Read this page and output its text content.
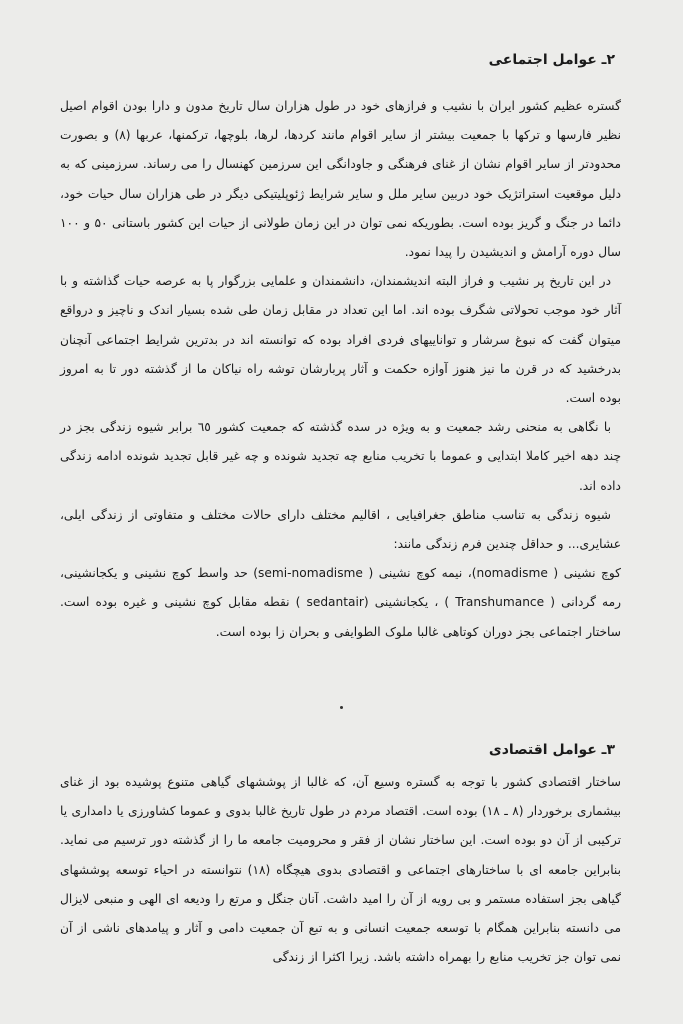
۲ـ عوامل اجتماعی

گستره عظیم کشور ایران با نشیب و فرازهای خود در طول هزاران سال تاریخ مدون و دارا بودن اقوام اصیل نظیر فارسها و ترکها با جمعیت بیشتر از سایر اقوام مانند کردها، لرها، بلوچها، ترکمنها، عربها (۸) و بصورت محدودتر از سایر اقوام نشان از غنای فرهنگی و جاودانگی این سرزمین کهنسال را می رساند. سرزمینی که به دلیل موقعیت استراتژیک خود دربین سایر ملل و سایر شرایط ژئوپلیتیکی دیگر در طی هزاران سال حیات خود، دائما در جنگ و گریز بوده است. بطوریکه نمی توان در این زمان طولانی از حیات این کشور باستانی ۵۰ و ۱۰۰ سال دوره آرامش و اندیشیدن را پیدا نمود.

در این تاریخ پر نشیب و فراز البته اندیشمندان، دانشمندان و علمایی بزرگوار پا به عرصه حیات گذاشته و با آثار خود موجب تحولاتی شگرف بوده اند. اما این تعداد در مقابل زمان طی شده بسیار اندک و ناچیز و درواقع میتوان گفت که نبوغ سرشار و تواناییهای فردی افراد بوده که توانسته اند در بدترین شرایط اجتماعی آنچنان بدرخشید که در قرن ما نیز هنوز آوازه حکمت و آثار پربارشان توشه راه نیاکان ما از گذشته دور تا به امروز بوده است.

با نگاهی به منحنی رشد جمعیت و به ویژه در سده گذشته که جمعیت کشور ٦٥ برابر شیوه زندگی بجز در چند دهه اخیر کاملا ابتدایی و عموما با تخریب منابع چه تجدید شونده و چه غیر قابل تجدید شونده ادامه زندگی داده اند.

شیوه زندگی به تناسب مناطق جغرافیایی ، اقالیم مختلف دارای حالات مختلف و متفاوتی از زندگی ایلی، عشایری... و حداقل چندین فرم زندگی مانند:

کوچ نشینی ( nomadisme)، نیمه کوچ نشینی ( semi-nomadisme) حد واسط کوچ نشینی و یکجانشینی، رمه گردانی ( Transhumance ) ، یکجانشینی (sedantair ) نقطه مقابل کوچ نشینی و غیره بوده است. ساختار اجتماعی بجز دوران کوتاهی غالبا ملوک الطوایفی و بحران زا بوده است.

۳ـ عوامل اقتصادی

ساختار اقتصادی کشور با توجه به گستره وسیع آن، که غالبا از پوششهای گیاهی متنوع پوشیده بود از غنای بیشماری برخوردار (۸ ـ ۱۸) بوده است. اقتصاد مردم در طول تاریخ غالبا بدوی و عموما کشاورزی یا دامداری یا ترکیبی از آن دو بوده است. این ساختار نشان از فقر و محرومیت جامعه ما را از گذشته دور ترسیم می نماید. بنابراین جامعه ای با ساختارهای اجتماعی و اقتصادی بدوی هیچگاه (۱۸) نتوانسته در احیاء توسعه پوششهای گیاهی بجز استفاده مستمر و بی رویه از آن را امید داشت. آنان جنگل و مرتع را ودیعه ای الهی و منبعی لایزال می دانسته بنابراین همگام با توسعه جمعیت انسانی و به تبع آن جمعیت دامی و آثار و پیامدهای ناشی از آن نمی توان جز تخریب منابع را بهمراه داشته باشد. زیرا اکثرا از زندگی
